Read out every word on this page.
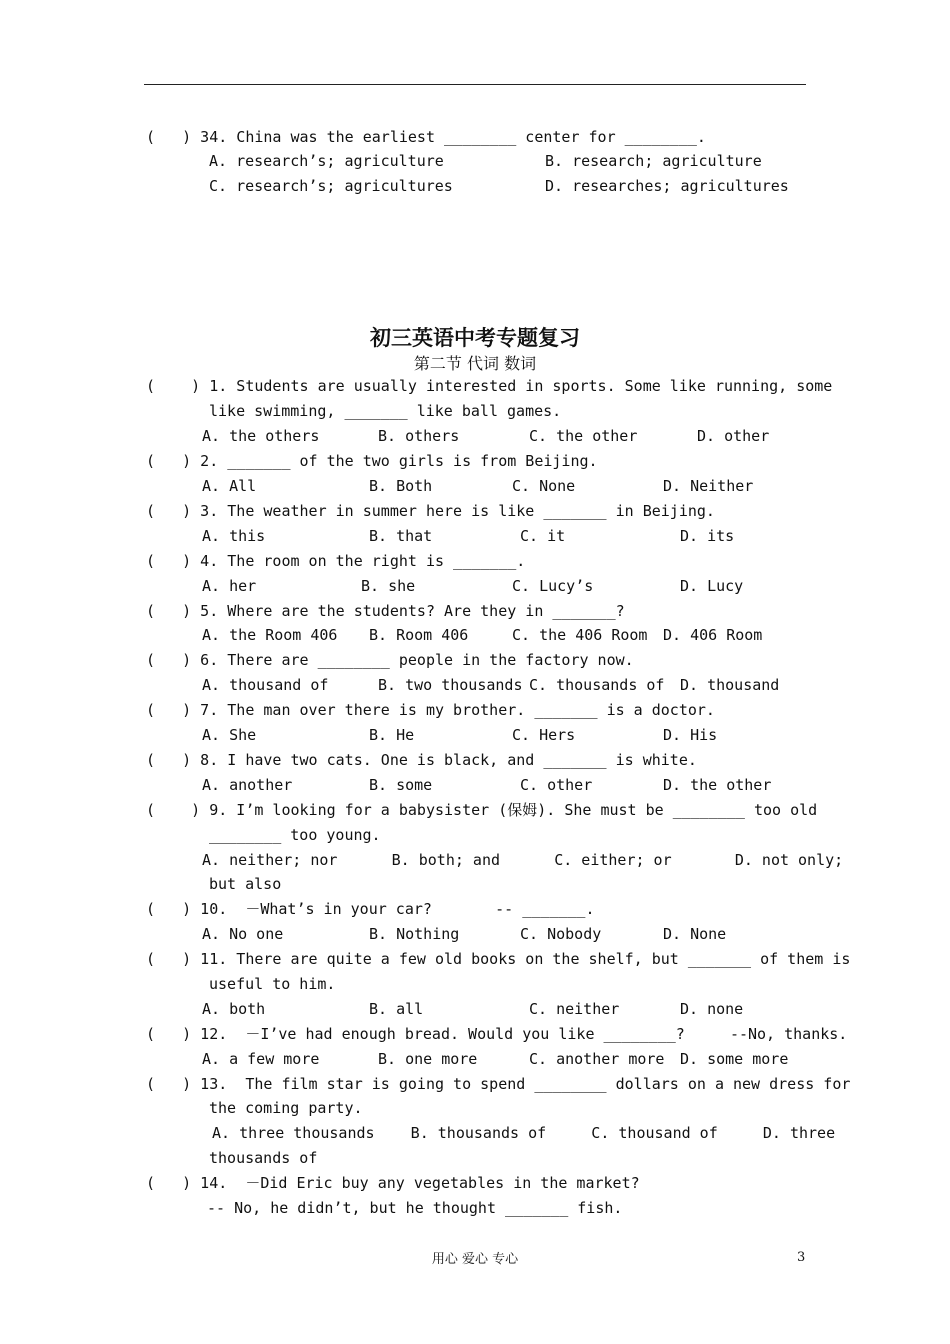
(   ) 34. China was the earliest ________ center for ________.
A. research’s; agriculture	B. research; agriculture
C. research’s; agricultures	D. researches; agricultures
初三英语中考专题复习
第二节 代词 数词
(    ) 1. Students are usually interested in sports. Some like running, some
like swimming, _______ like ball games.
A. the others	B. others	C. the other	D. other
(   ) 2. _______ of the two girls is from Beijing.
A. All	B. Both	C. None	D. Neither
(   ) 3. The weather in summer here is like _______ in Beijing.
A. this	B. that	C. it	D. its
(   ) 4. The room on the right is _______.
A. her	B. she	C. Lucy’s	D. Lucy
(   ) 5. Where are the students? Are they in _______?
A. the Room 406 B. Room 406	C. the 406 Room D. 406 Room
(   ) 6. There are ________ people in the factory now.
A. thousand of	B. two thousands C. thousands of D. thousand
(   ) 7. The man over there is my brother. _______ is a doctor.
A. She	B. He	C. Hers	D. His
(   ) 8. I have two cats. One is black, and _______ is white.
A. another	B. some	C. other	D. the other
(    ) 9. I’m looking for a babysister (保姆). She must be ________ too old
________ too young.
A. neither; nor      B. both; and      C. either; or       D. not only;
but also
(   ) 10.  －What’s in your car?       -- _______.
A. No one	B. Nothing	C. Nobody	D. None
(   ) 11. There are quite a few old books on the shelf, but _______ of them is
useful to him.
A. both	B. all	C. neither	D. none
(   ) 12.  －I’ve had enough bread. Would you like ________?     --No, thanks.
A. a few more	B. one more	C. another more D. some more
(   ) 13.  The film star is going to spend ________ dollars on a new dress for
the coming party.
A. three thousands    B. thousands of     C. thousand of     D. three
thousands of
(   ) 14.  －Did Eric buy any vegetables in the market?
-- No, he didn’t, but he thought _______ fish.
用心 爱心 专心	3
